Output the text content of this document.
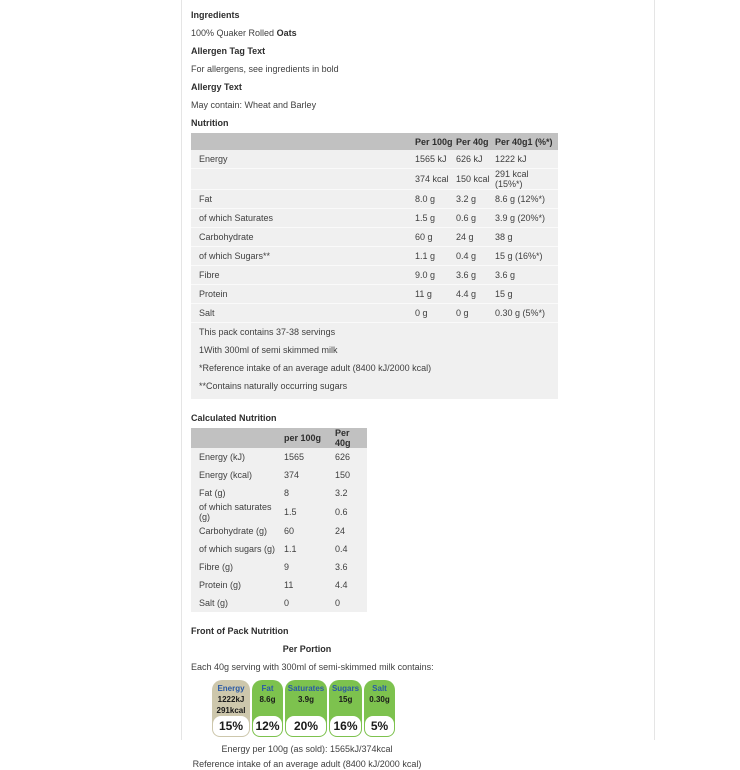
Ingredients

100% Quaker Rolled Oats

Allergen Tag Text

For allergens, see ingredients in bold

Allergy Text

May contain: Wheat and Barley

Nutrition

	Per 100g	Per 40g	Per 40g1 (%*)
Energy	1565 kJ	626 kJ	1222 kJ
	374 kcal	150 kcal	291 kcal (15%*)
Fat	8.0 g	3.2 g	8.6 g (12%*)
of which Saturates	1.5 g	0.6 g	3.9 g (20%*)
Carbohydrate	60 g	24 g	38 g
of which Sugars**	1.1 g	0.4 g	15 g (16%*)
Fibre	9.0 g	3.6 g	3.6 g
Protein	11 g	4.4 g	15 g
Salt	0 g	0 g	0.30 g (5%*)
This pack contains 37-38 servings			
1With 300ml of semi skimmed milk			
*Reference intake of an average adult (8400 kJ/2000 kcal)			
**Contains naturally occurring sugars			

Calculated Nutrition

	per 100g	Per 40g
Energy (kJ)	1565	626
Energy (kcal)	374	150
Fat (g)	8	3.2
of which saturates (g)	1.5	0.6
Carbohydrate (g)	60	24
of which sugars (g)	1.1	0.4
Fibre (g)	9	3.6
Protein (g)	11	4.4
Salt (g)	0	0

Front of Pack Nutrition

Per Portion

Each 40g serving with 300ml of semi-skimmed milk contains:

Energy
1222kJ
291kcal
15%
Fat
8.6g
12%
Saturates
3.9g
20%
Sugars
15g
16%
Salt
0.30g
5%

Energy per 100g (as sold): 1565kJ/374kcal

Reference intake of an average adult (8400 kJ/2000 kcal)
